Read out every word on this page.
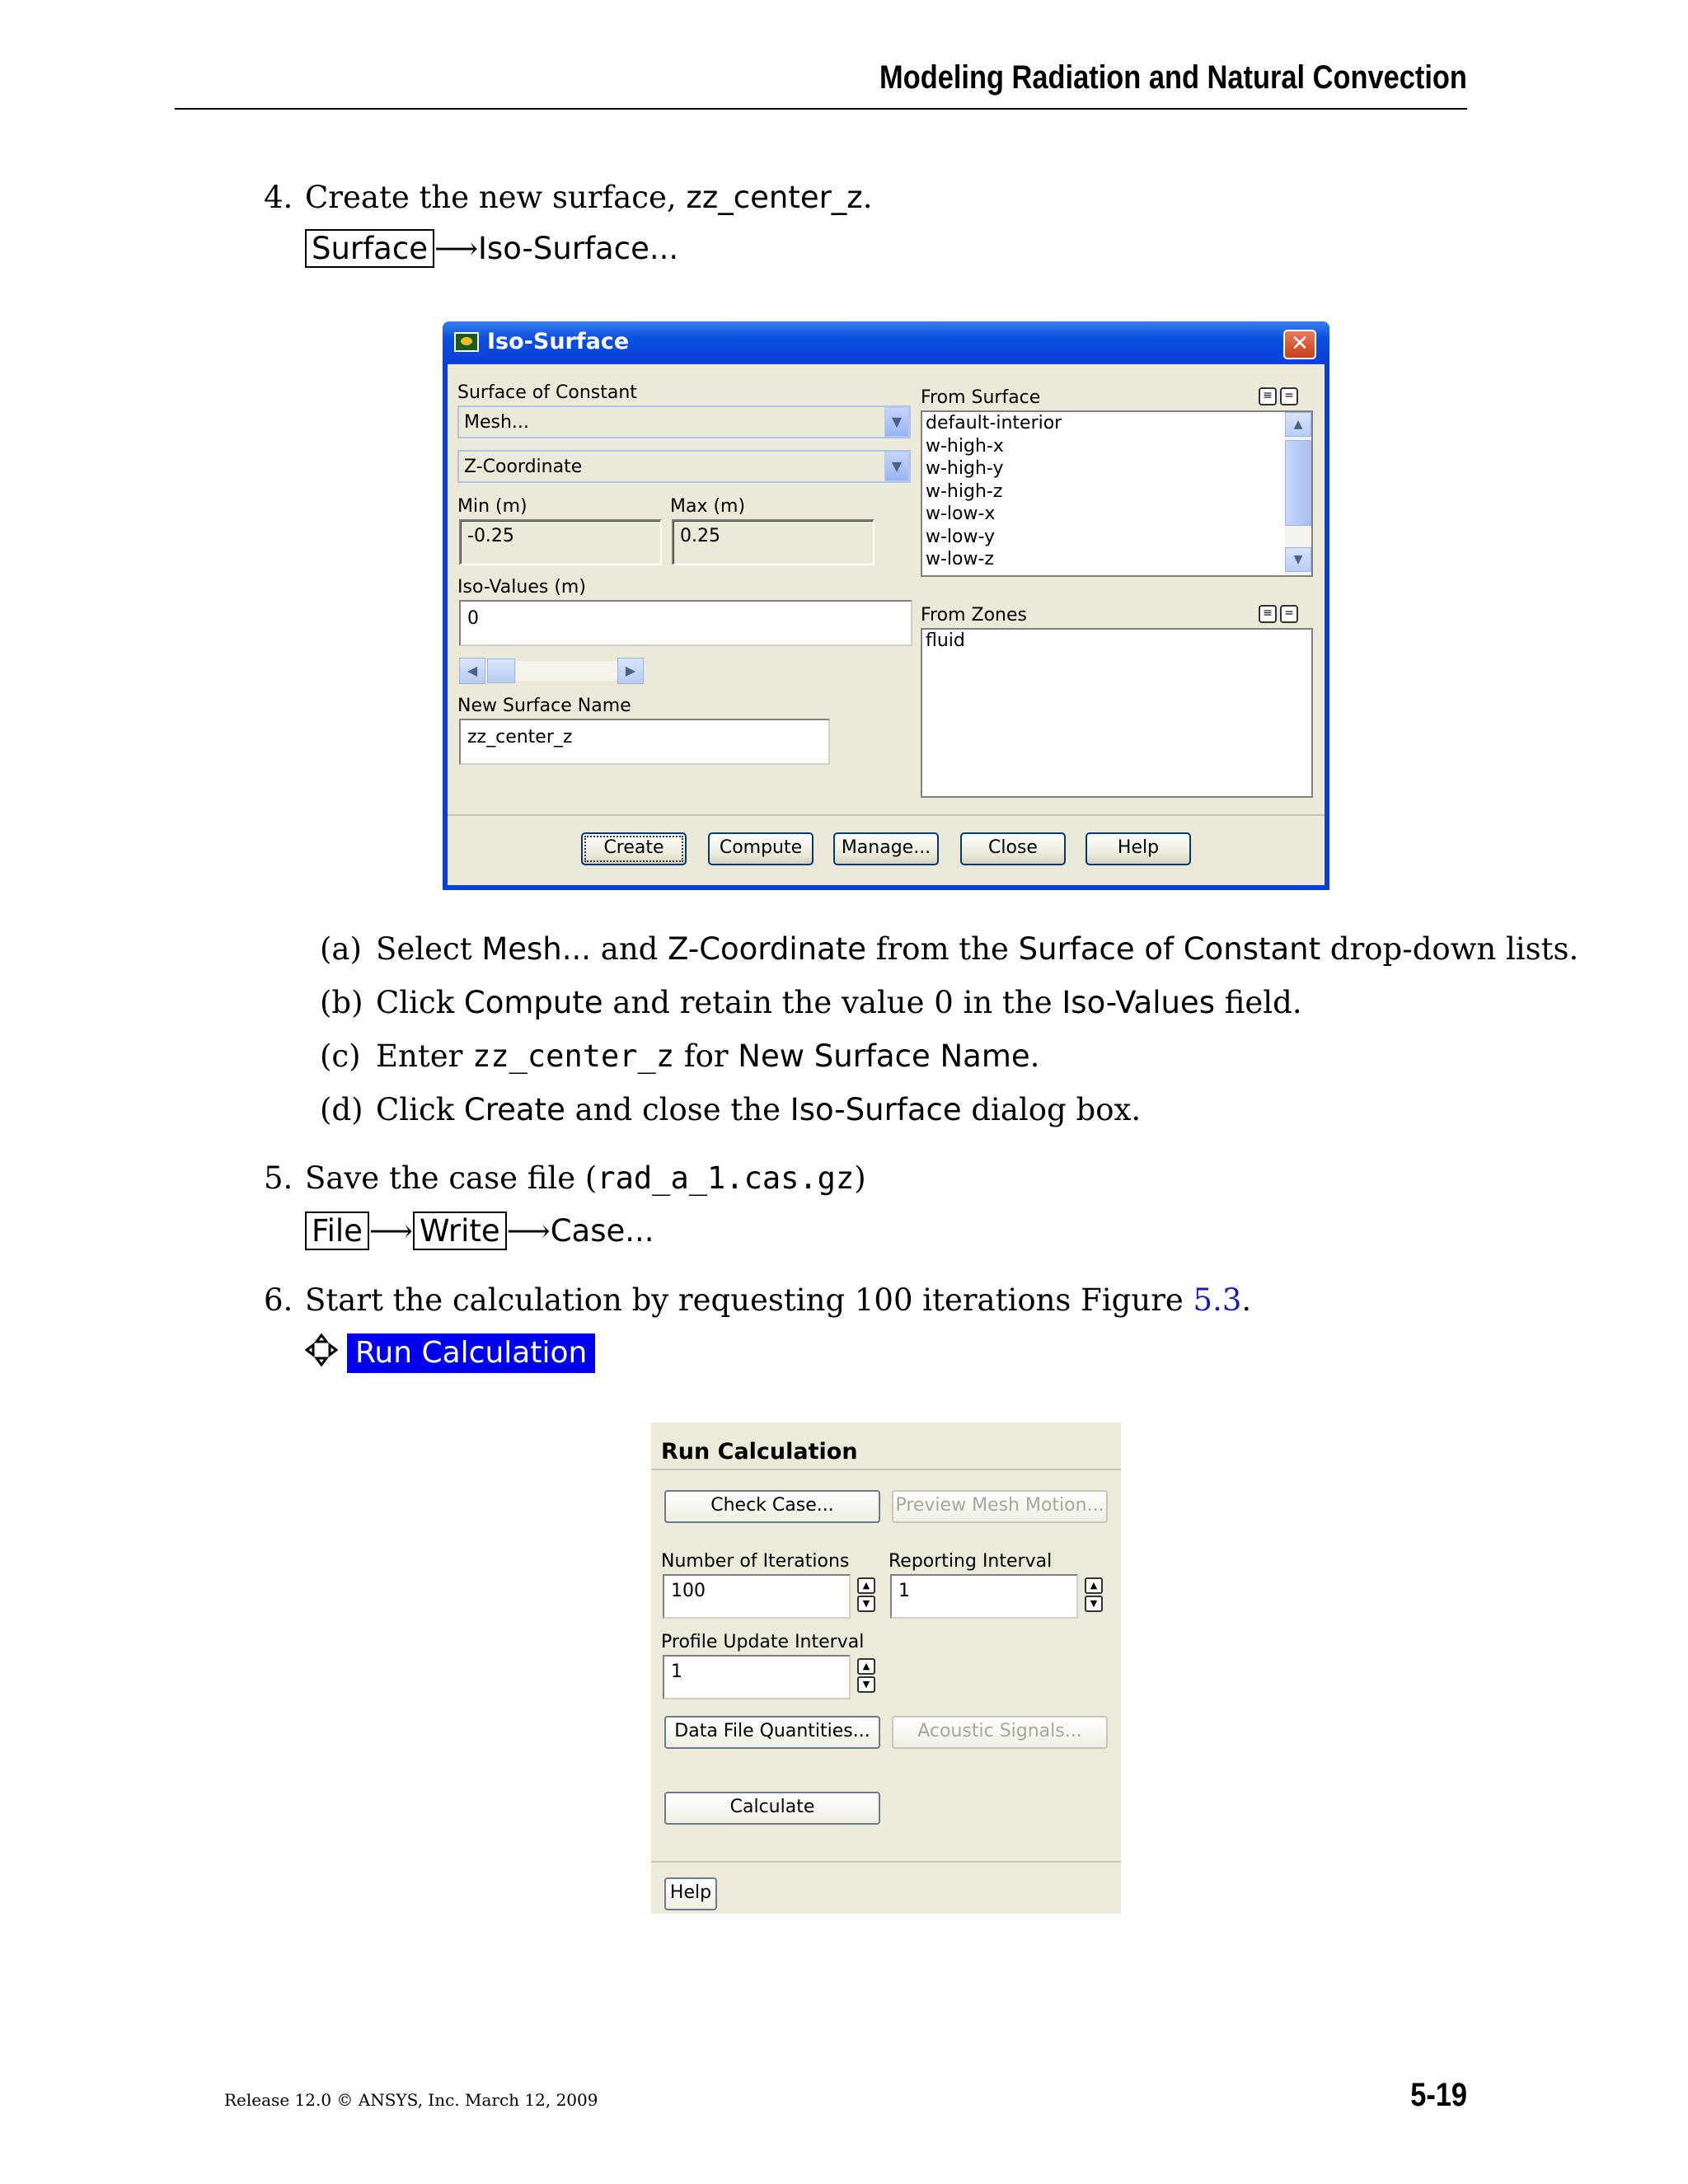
Modeling Radiation and Natural Convection
4. Create the new surface, zz_center_z.
Surface ⟶Iso-Surface...
Iso-Surface	✕
Surface of Constant
Mesh...	▼
Z-Coordinate	▼
Min (m)	Max (m)
-0.25	0.25
Iso-Values (m)
0
◀	▶
New Surface Name
zz_center_z
From Surface	≡	=
default-interior
w-high-x
w-high-y
w-high-z
w-low-x
w-low-y
w-low-z
▲
▼
From Zones	≡	=
fluid
Create	Compute	Manage...	Close	Help
(a) Select Mesh... and Z-Coordinate from the Surface of Constant drop-down lists.
(b) Click Compute and retain the value 0 in the Iso-Values field.
(c) Enter zz_center_z for New Surface Name.
(d) Click Create and close the Iso-Surface dialog box.
5. Save the case file (rad_a_1.cas.gz)
File ⟶ Write ⟶Case...
6. Start the calculation by requesting 100 iterations Figure 5.3.
Run Calculation
Run Calculation
Check Case...	Preview Mesh Motion...
Number of Iterations
100	▲
▼
Reporting Interval
1	▲
▼
Profile Update Interval
1	▲
▼
Data File Quantities...	Acoustic Signals...
Calculate
Help
Release 12.0 © ANSYS, Inc. March 12, 2009	5-19
